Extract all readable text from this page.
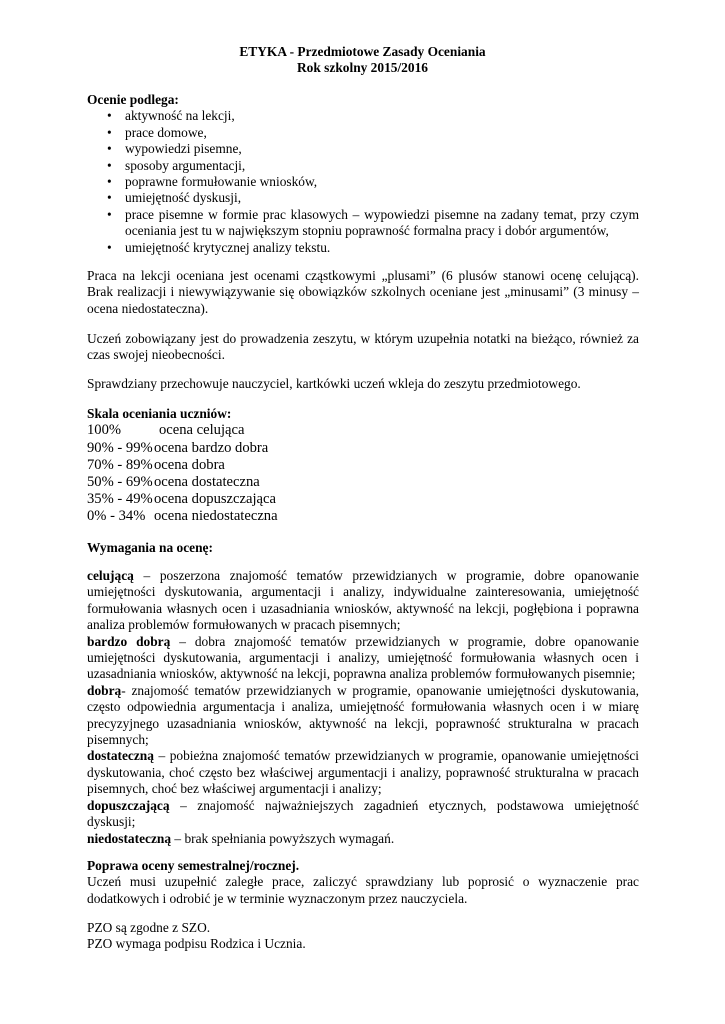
ETYKA - Przedmiotowe Zasady Oceniania
Rok szkolny 2015/2016
Ocenie podlega:
• aktywność na lekcji,
• prace domowe,
• wypowiedzi pisemne,
• sposoby argumentacji,
• poprawne formułowanie wniosków,
• umiejętność dyskusji,
• prace pisemne w formie prac klasowych – wypowiedzi pisemne na zadany temat, przy czym oceniania jest tu w największym stopniu poprawność formalna pracy i dobór argumentów,
• umiejętność krytycznej analizy tekstu.
Praca na lekcji oceniana jest ocenami cząstkowymi „plusami” (6 plusów stanowi ocenę celującą). Brak realizacji i niewywiązywanie się obowiązków szkolnych oceniane jest „minusami” (3 minusy – ocena niedostateczna).
Uczeń zobowiązany jest do prowadzenia zeszytu, w którym uzupełnia notatki na bieżąco, również za czas swojej nieobecności.
Sprawdziany przechowuje nauczyciel, kartkówki uczeń wkleja do zeszytu przedmiotowego.
Skala oceniania uczniów:
100%	ocena celująca
90% - 99% ocena bardzo dobra
70% - 89% ocena dobra
50% - 69% ocena dostateczna
35% - 49% ocena dopuszczająca
0% - 34% ocena niedostateczna
Wymagania na ocenę:
celującą – poszerzona znajomość tematów przewidzianych w programie, dobre opanowanie umiejętności dyskutowania, argumentacji i analizy, indywidualne zainteresowania, umiejętność formułowania własnych ocen i uzasadniania wniosków, aktywność na lekcji, pogłębiona i poprawna analiza problemów formułowanych w pracach pisemnych;
bardzo dobrą – dobra znajomość tematów przewidzianych w programie, dobre opanowanie umiejętności dyskutowania, argumentacji i analizy, umiejętność formułowania własnych ocen i uzasadniania wniosków, aktywność na lekcji, poprawna analiza problemów formułowanych pisemnie;
dobrą- znajomość tematów przewidzianych w programie, opanowanie umiejętności dyskutowania, często odpowiednia argumentacja i analiza, umiejętność formułowania własnych ocen i w miarę precyzyjnego uzasadniania wniosków, aktywność na lekcji, poprawność strukturalna w pracach pisemnych;
dostateczną – pobieżna znajomość tematów przewidzianych w programie, opanowanie umiejętności dyskutowania, choć często bez właściwej argumentacji i analizy, poprawność strukturalna w pracach pisemnych, choć bez właściwej argumentacji i analizy;
dopuszczającą – znajomość najważniejszych zagadnień etycznych, podstawowa umiejętność dyskusji;
niedostateczną – brak spełniania powyższych wymagań.
Poprawa oceny semestralnej/rocznej.
Uczeń musi uzupełnić zaległe prace, zaliczyć sprawdziany lub poprosić o wyznaczenie prac dodatkowych i odrobić je w terminie wyznaczonym przez nauczyciela.
PZO są zgodne z SZO.
PZO wymaga podpisu Rodzica i Ucznia.
